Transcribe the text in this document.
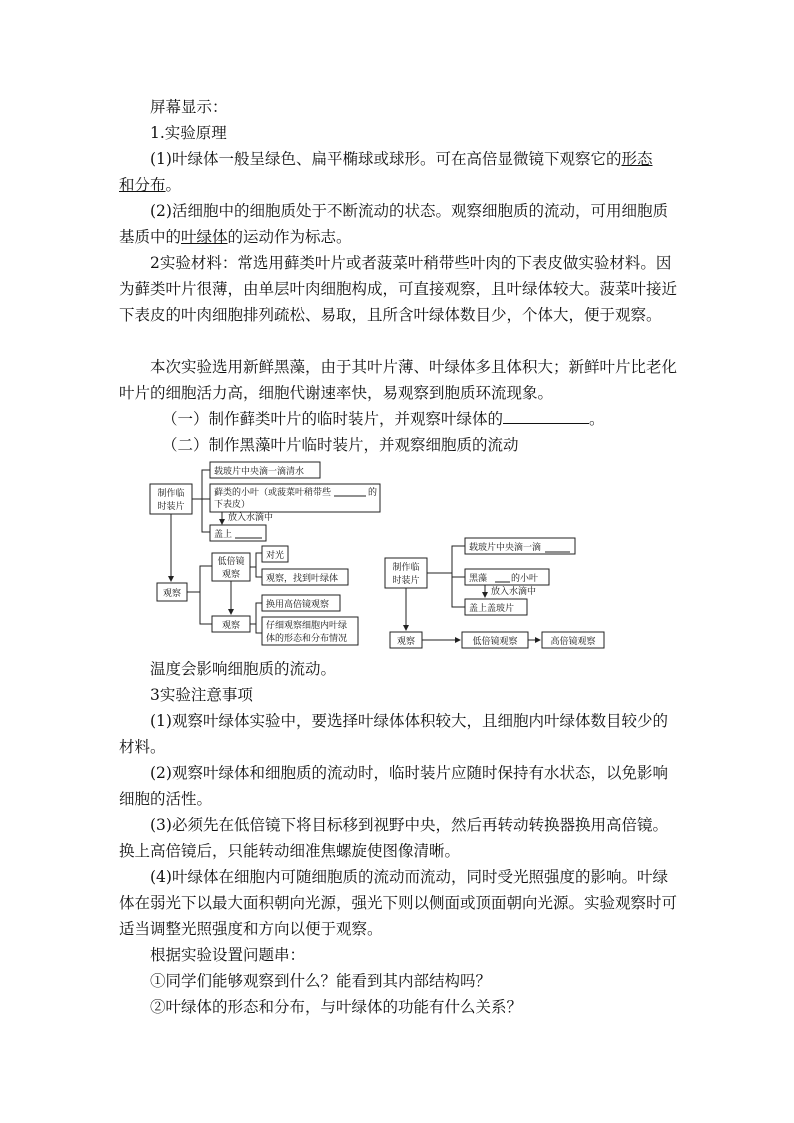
屏幕显示：

1.实验原理

(1)叶绿体一般呈绿色、扁平椭球或球形。可在高倍显微镜下观察它的形态
和分布。

(2)活细胞中的细胞质处于不断流动的状态。观察细胞质的流动，可用细胞质基质中的叶绿体的运动作为标志。

2实验材料：常选用藓类叶片或者菠菜叶稍带些叶肉的下表皮做实验材料。因为藓类叶片很薄，由单层叶肉细胞构成，可直接观察，且叶绿体较大。菠菜叶接近下表皮的叶肉细胞排列疏松、易取，且所含叶绿体数目少，个体大，便于观察。

本次实验选用新鲜黑藻，由于其叶片薄、叶绿体多且体积大；新鲜叶片比老化叶片的细胞活力高，细胞代谢速率快，易观察到胞质环流现象。

（一）制作藓类叶片的临时装片，并观察叶绿体的	。

（二）制作黑藻叶片临时装片，并观察细胞质的流动

制作临
时装片
载玻片中央滴一滴清水
藓类的小叶（或菠菜叶稍带些	的
下表皮）
放入水滴中
盖上
观察
低倍镜
观察
对光
观察，找到叶绿体
观察
换用高倍镜观察
仔细观察细胞内叶绿
体的形态和分布情况
制作临
时装片
载玻片中央滴一滴
黑藻	的小叶
放入水滴中
盖上盖玻片
观察	低倍镜观察	高倍镜观察

温度会影响细胞质的流动。

3实验注意事项

(1)观察叶绿体实验中，要选择叶绿体体积较大，且细胞内叶绿体数目较少的材料。

(2)观察叶绿体和细胞质的流动时，临时装片应随时保持有水状态，以免影响细胞的活性。

(3)必须先在低倍镜下将目标移到视野中央，然后再转动转换器换用高倍镜。换上高倍镜后，只能转动细准焦螺旋使图像清晰。

(4)叶绿体在细胞内可随细胞质的流动而流动，同时受光照强度的影响。叶绿体在弱光下以最大面积朝向光源，强光下则以侧面或顶面朝向光源。实验观察时可适当调整光照强度和方向以便于观察。

根据实验设置问题串：

①同学们能够观察到什么？能看到其内部结构吗？

②叶绿体的形态和分布，与叶绿体的功能有什么关系？
